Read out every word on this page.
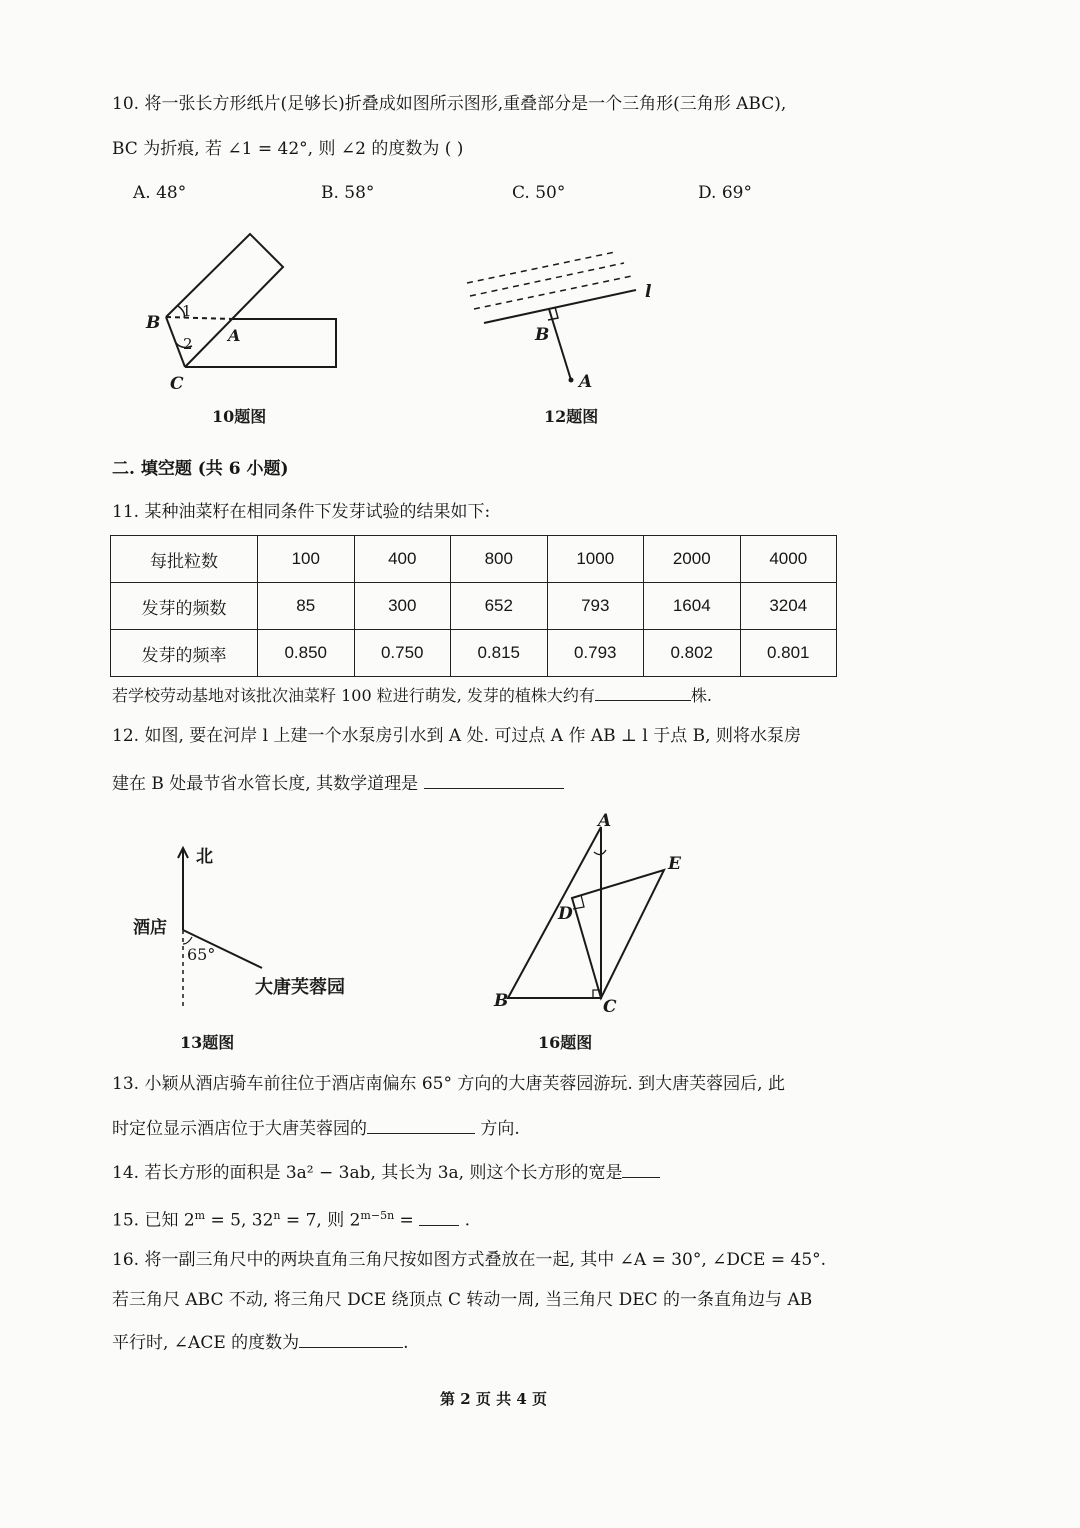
10. 将一张长方形纸片(足够长)折叠成如图所示图形,重叠部分是一个三角形(三角形 ABC),
BC 为折痕, 若 ∠1 = 42°, 则 ∠2 的度数为 ( )
A. 48°	B. 58°	C. 50°	D. 69°
B
C
A
1
2
10题图
l
B
A
12题图
二. 填空题 (共 6 小题)
11. 某种油菜籽在相同条件下发芽试验的结果如下:
每批粒数	100	400	800	1000	2000	4000
发芽的频数	85	300	652	793	1604	3204
发芽的频率	0.850	0.750	0.815	0.793	0.802	0.801
若学校劳动基地对该批次油菜籽 100 粒进行萌发, 发芽的植株大约有	株.
12. 如图, 要在河岸 l 上建一个水泵房引水到 A 处. 可过点 A 作 AB ⊥ l 于点 B, 则将水泵房
建在 B 处最节省水管长度, 其数学道理是
北
酒店
65°
大唐芙蓉园
13题图
A
B	C
D
E
16题图
13. 小颖从酒店骑车前往位于酒店南偏东 65° 方向的大唐芙蓉园游玩. 到大唐芙蓉园后, 此
时定位显示酒店位于大唐芙蓉园的	方向.
14. 若长方形的面积是 3a² − 3ab, 其长为 3a, 则这个长方形的宽是
15. 已知 $2^m = 5$, $32^n = 7$, 则 $2^{m-5n}$ =	.
16. 将一副三角尺中的两块直角三角尺按如图方式叠放在一起, 其中 ∠A = 30°, ∠DCE = 45°.
若三角尺 ABC 不动, 将三角尺 DCE 绕顶点 C 转动一周, 当三角尺 DEC 的一条直角边与 AB
平行时, ∠ACE 的度数为	.
第 2 页 共 4 页
